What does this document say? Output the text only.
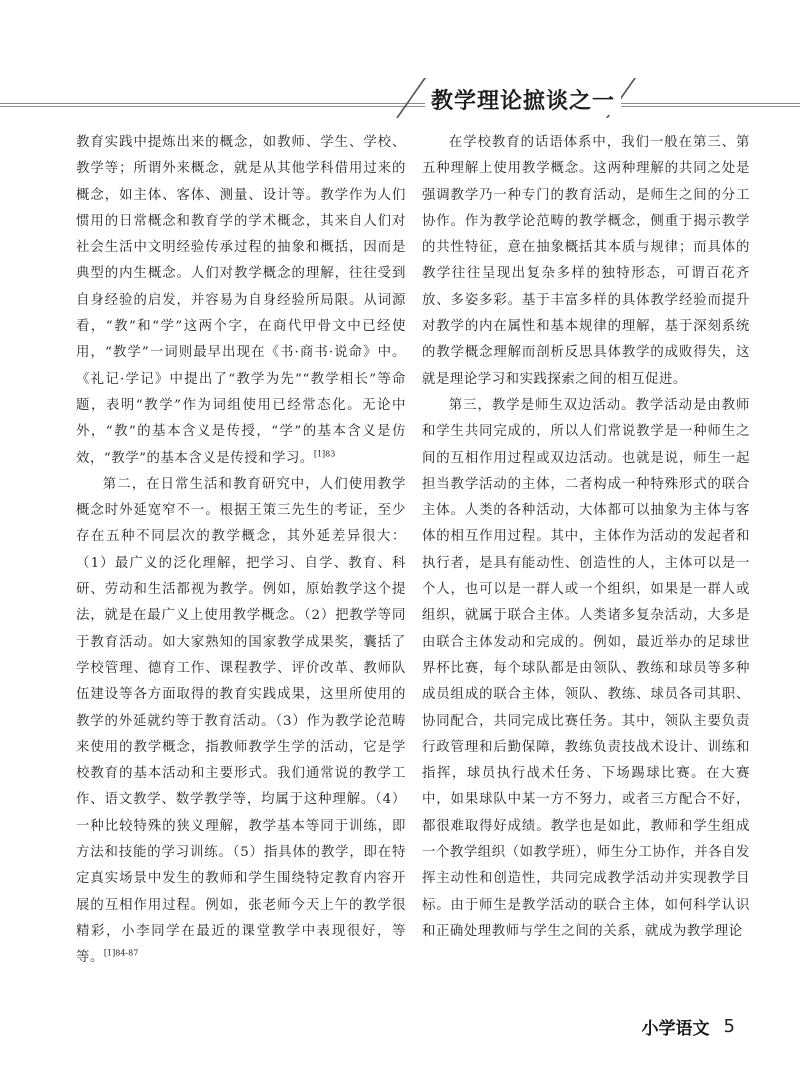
教学理论摭谈之一

教育实践中提炼出来的概念，如教师、学生、学校、教学等；所谓外来概念，就是从其他学科借用过来的概念，如主体、客体、测量、设计等。教学作为人们惯用的日常概念和教育学的学术概念，其来自人们对社会生活中文明经验传承过程的抽象和概括，因而是典型的内生概念。人们对教学概念的理解，往往受到自身经验的启发，并容易为自身经验所局限。从词源看，“教”和“学”这两个字，在商代甲骨文中已经使用，“教学”一词则最早出现在《书·商书·说命》中。《礼记·学记》中提出了“教学为先”“教学相长”等命题，表明“教学”作为词组使用已经常态化。无论中外，“教”的基本含义是传授，“学”的基本含义是仿效，“教学”的基本含义是传授和学习。$^{[1]83}$

第二，在日常生活和教育研究中，人们使用教学概念时外延宽窄不一。根据王策三先生的考证，至少存在五种不同层次的教学概念，其外延差异很大：（1）最广义的泛化理解，把学习、自学、教育、科研、劳动和生活都视为教学。例如，原始教学这个提法，就是在最广义上使用教学概念。（2）把教学等同于教育活动。如大家熟知的国家教学成果奖，囊括了学校管理、德育工作、课程教学、评价改革、教师队伍建设等各方面取得的教育实践成果，这里所使用的教学的外延就约等于教育活动。（3）作为教学论范畴来使用的教学概念，指教师教学生学的活动，它是学校教育的基本活动和主要形式。我们通常说的教学工作、语文教学、数学教学等，均属于这种理解。（4）一种比较特殊的狭义理解，教学基本等同于训练，即方法和技能的学习训练。（5）指具体的教学，即在特定真实场景中发生的教师和学生围绕特定教育内容开展的互相作用过程。例如，张老师今天上午的教学很精彩，小李同学在最近的课堂教学中表现很好，等等。$^{[1]84-87}$

在学校教育的话语体系中，我们一般在第三、第五种理解上使用教学概念。这两种理解的共同之处是强调教学乃一种专门的教育活动，是师生之间的分工协作。作为教学论范畴的教学概念，侧重于揭示教学的共性特征，意在抽象概括其本质与规律；而具体的教学往往呈现出复杂多样的独特形态，可谓百花齐放、多姿多彩。基于丰富多样的具体教学经验而提升对教学的内在属性和基本规律的理解，基于深刻系统的教学概念理解而剖析反思具体教学的成败得失，这就是理论学习和实践探索之间的相互促进。

第三，教学是师生双边活动。教学活动是由教师和学生共同完成的，所以人们常说教学是一种师生之间的互相作用过程或双边活动。也就是说，师生一起担当教学活动的主体，二者构成一种特殊形式的联合主体。人类的各种活动，大体都可以抽象为主体与客体的相互作用过程。其中，主体作为活动的发起者和执行者，是具有能动性、创造性的人，主体可以是一个人，也可以是一群人或一个组织，如果是一群人或组织，就属于联合主体。人类诸多复杂活动，大多是由联合主体发动和完成的。例如，最近举办的足球世界杯比赛，每个球队都是由领队、教练和球员等多种成员组成的联合主体，领队、教练、球员各司其职、协同配合，共同完成比赛任务。其中，领队主要负责行政管理和后勤保障，教练负责技战术设计、训练和指挥，球员执行战术任务、下场踢球比赛。在大赛中，如果球队中某一方不努力，或者三方配合不好，都很难取得好成绩。教学也是如此，教师和学生组成一个教学组织（如教学班），师生分工协作，并各自发挥主动性和创造性，共同完成教学活动并实现教学目标。由于师生是教学活动的联合主体，如何科学认识和正确处理教师与学生之间的关系，就成为教学理论

小学语文 5
